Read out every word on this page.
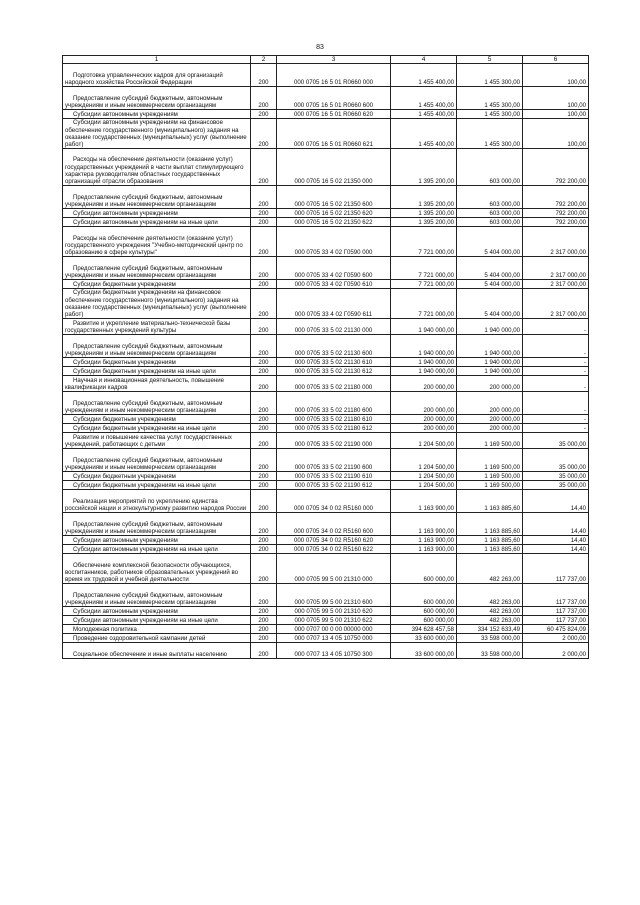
83
1	2	3	4	5	6
Подготовка управленческих кадров для организаций народного хозяйства Российской Федерации	200	000 0705 16 5 01 R0660 000	1 455 400,00	1 455 300,00	100,00
Предоставление субсидий бюджетным, автономным учреждениям и иным некоммерческим организациям	200	000 0705 16 5 01 R0660 600	1 455 400,00	1 455 300,00	100,00
Субсидии автономным учреждениям	200	000 0705 16 5 01 R0660 620	1 455 400,00	1 455 300,00	100,00
Субсидии автономным учреждениям на финансовое обеспечение государственного (муниципального) задания на оказание государственных (муниципальных) услуг (выполнение работ)	200	000 0705 16 5 01 R0660 621	1 455 400,00	1 455 300,00	100,00
Расходы на обеспечение деятельности (оказание услуг) государственных учреждений в части выплат стимулирующего характера руководителям областных государственных организаций отрасли образования	200	000 0705 16 5 02 21350 000	1 395 200,00	603 000,00	792 200,00
Предоставление субсидий бюджетным, автономным учреждениям и иным некоммерческим организациям	200	000 0705 16 5 02 21350 600	1 395 200,00	603 000,00	792 200,00
Субсидии автономным учреждениям	200	000 0705 16 5 02 21350 620	1 395 200,00	603 000,00	792 200,00
Субсидии автономным учреждениям на иные цели	200	000 0705 16 5 02 21350 622	1 395 200,00	603 000,00	792 200,00
Расходы на обеспечение деятельности (оказание услуг) государственного учреждения "Учебно-методический центр по образованию в сфере культуры"	200	000 0705 33 4 02 Г0590 000	7 721 000,00	5 404 000,00	2 317 000,00
Предоставление субсидий бюджетным, автономным учреждениям и иным некоммерческим организациям	200	000 0705 33 4 02 Г0590 600	7 721 000,00	5 404 000,00	2 317 000,00
Субсидии бюджетным учреждениям	200	000 0705 33 4 02 Г0590 610	7 721 000,00	5 404 000,00	2 317 000,00
Субсидии бюджетным учреждениям на финансовое обеспечение государственного (муниципального) задания на оказание государственных (муниципальных) услуг (выполнение работ)	200	000 0705 33 4 02 Г0590 611	7 721 000,00	5 404 000,00	2 317 000,00
Развитие и укрепление материально-технической базы государственных учреждений культуры	200	000 0705 33 5 02 21130 000	1 940 000,00	1 940 000,00	-
Предоставление субсидий бюджетным, автономным учреждениям и иным некоммерческим организациям	200	000 0705 33 5 02 21130 600	1 940 000,00	1 940 000,00	-
Субсидии бюджетным учреждениям	200	000 0705 33 5 02 21130 610	1 940 000,00	1 940 000,00	-
Субсидии бюджетным учреждениям на иные цели	200	000 0705 33 5 02 21130 612	1 940 000,00	1 940 000,00	-
Научная и инновационная деятельность, повышение квалификации кадров	200	000 0705 33 5 02 21180 000	200 000,00	200 000,00	-
Предоставление субсидий бюджетным, автономным учреждениям и иным некоммерческим организациям	200	000 0705 33 5 02 21180 600	200 000,00	200 000,00	-
Субсидии бюджетным учреждениям	200	000 0705 33 5 02 21180 610	200 000,00	200 000,00	-
Субсидии бюджетным учреждениям на иные цели	200	000 0705 33 5 02 21180 612	200 000,00	200 000,00	-
Развитие и повышение качества услуг государственных учреждений, работающих с детьми	200	000 0705 33 5 02 21190 000	1 204 500,00	1 169 500,00	35 000,00
Предоставление субсидий бюджетным, автономным учреждениям и иным некоммерческим организациям	200	000 0705 33 5 02 21190 600	1 204 500,00	1 169 500,00	35 000,00
Субсидии бюджетным учреждениям	200	000 0705 33 5 02 21190 610	1 204 500,00	1 169 500,00	35 000,00
Субсидии бюджетным учреждениям на иные цели	200	000 0705 33 5 02 21190 612	1 204 500,00	1 169 500,00	35 000,00
Реализация мероприятий по укреплению единства российской нации и этнокультурному развитию народов России	200	000 0705 34 0 02 R5160 000	1 163 900,00	1 163 885,60	14,40
Предоставление субсидий бюджетным, автономным учреждениям и иным некоммерческим организациям	200	000 0705 34 0 02 R5160 600	1 163 900,00	1 163 885,60	14,40
Субсидии автономным учреждениям	200	000 0705 34 0 02 R5160 620	1 163 900,00	1 163 885,60	14,40
Субсидии автономным учреждениям на иные цели	200	000 0705 34 0 02 R5160 622	1 163 900,00	1 163 885,60	14,40
Обеспечение комплексной безопасности обучающихся, воспитанников, работников образовательных учреждений во время их трудовой и учебной деятельности	200	000 0705 99 5 00 21310 000	600 000,00	482 263,00	117 737,00
Предоставление субсидий бюджетным, автономным учреждениям и иным некоммерческим организациям	200	000 0705 99 5 00 21310 600	600 000,00	482 263,00	117 737,00
Субсидии автономным учреждениям	200	000 0705 99 5 00 21310 620	600 000,00	482 263,00	117 737,00
Субсидии автономным учреждениям на иные цели	200	000 0705 99 5 00 21310 622	600 000,00	482 263,00	117 737,00
Молодежная политика	200	000 0707 00 0 00 00000 000	394 628 457,58	334 152 633,49	60 475 824,09
Проведение оздоровительной кампании детей	200	000 0707 13 4 05 10750 000	33 600 000,00	33 598 000,00	2 000,00
Социальное обеспечение и иные выплаты населению	200	000 0707 13 4 05 10750 300	33 600 000,00	33 598 000,00	2 000,00
